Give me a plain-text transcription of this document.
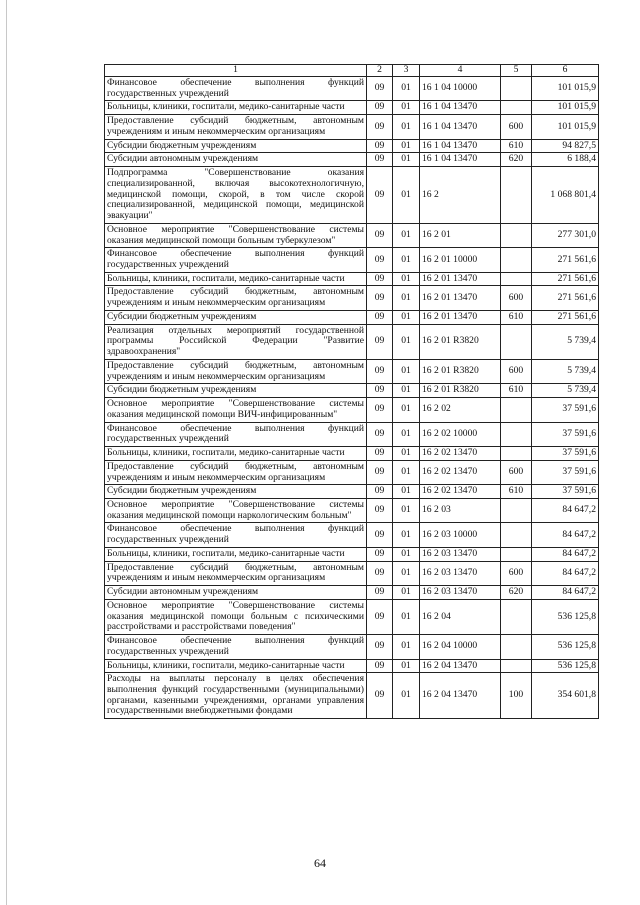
1	2	3	4	5	6
Финансовое обеспечение выполнения функций государственных учреждений	09	01	16 1 04 10000		101 015,9
Больницы, клиники, госпитали, медико-санитарные части	09	01	16 1 04 13470		101 015,9
Предоставление субсидий бюджетным, автономным учреждениям и иным некоммерческим организациям	09	01	16 1 04 13470	600	101 015,9
Субсидии бюджетным учреждениям	09	01	16 1 04 13470	610	94 827,5
Субсидии автономным учреждениям	09	01	16 1 04 13470	620	6 188,4
Подпрограмма "Совершенствование оказания специализированной, включая высокотехнологичную, медицинской помощи, скорой, в том числе скорой специализированной, медицинской помощи, медицинской эвакуации"	09	01	16 2		1 068 801,4
Основное мероприятие "Совершенствование системы оказания медицинской помощи больным туберкулезом"	09	01	16 2 01		277 301,0
Финансовое обеспечение выполнения функций государственных учреждений	09	01	16 2 01 10000		271 561,6
Больницы, клиники, госпитали, медико-санитарные части	09	01	16 2 01 13470		271 561,6
Предоставление субсидий бюджетным, автономным учреждениям и иным некоммерческим организациям	09	01	16 2 01 13470	600	271 561,6
Субсидии бюджетным учреждениям	09	01	16 2 01 13470	610	271 561,6
Реализация отдельных мероприятий государственной программы Российской Федерации "Развитие здравоохранения"	09	01	16 2 01 R3820		5 739,4
Предоставление субсидий бюджетным, автономным учреждениям и иным некоммерческим организациям	09	01	16 2 01 R3820	600	5 739,4
Субсидии бюджетным учреждениям	09	01	16 2 01 R3820	610	5 739,4
Основное мероприятие "Совершенствование системы оказания медицинской помощи ВИЧ-инфицированным"	09	01	16 2 02		37 591,6
Финансовое обеспечение выполнения функций государственных учреждений	09	01	16 2 02 10000		37 591,6
Больницы, клиники, госпитали, медико-санитарные части	09	01	16 2 02 13470		37 591,6
Предоставление субсидий бюджетным, автономным учреждениям и иным некоммерческим организациям	09	01	16 2 02 13470	600	37 591,6
Субсидии бюджетным учреждениям	09	01	16 2 02 13470	610	37 591,6
Основное мероприятие "Совершенствование системы оказания медицинской помощи наркологическим больным"	09	01	16 2 03		84 647,2
Финансовое обеспечение выполнения функций государственных учреждений	09	01	16 2 03 10000		84 647,2
Больницы, клиники, госпитали, медико-санитарные части	09	01	16 2 03 13470		84 647,2
Предоставление субсидий бюджетным, автономным учреждениям и иным некоммерческим организациям	09	01	16 2 03 13470	600	84 647,2
Субсидии автономным учреждениям	09	01	16 2 03 13470	620	84 647,2
Основное мероприятие "Совершенствование системы оказания медицинской помощи больным с психическими расстройствами и расстройствами поведения"	09	01	16 2 04		536 125,8
Финансовое обеспечение выполнения функций государственных учреждений	09	01	16 2 04 10000		536 125,8
Больницы, клиники, госпитали, медико-санитарные части	09	01	16 2 04 13470		536 125,8
Расходы на выплаты персоналу в целях обеспечения выполнения функций государственными (муниципальными) органами, казенными учреждениями, органами управления государственными внебюджетными фондами	09	01	16 2 04 13470	100	354 601,8
64
